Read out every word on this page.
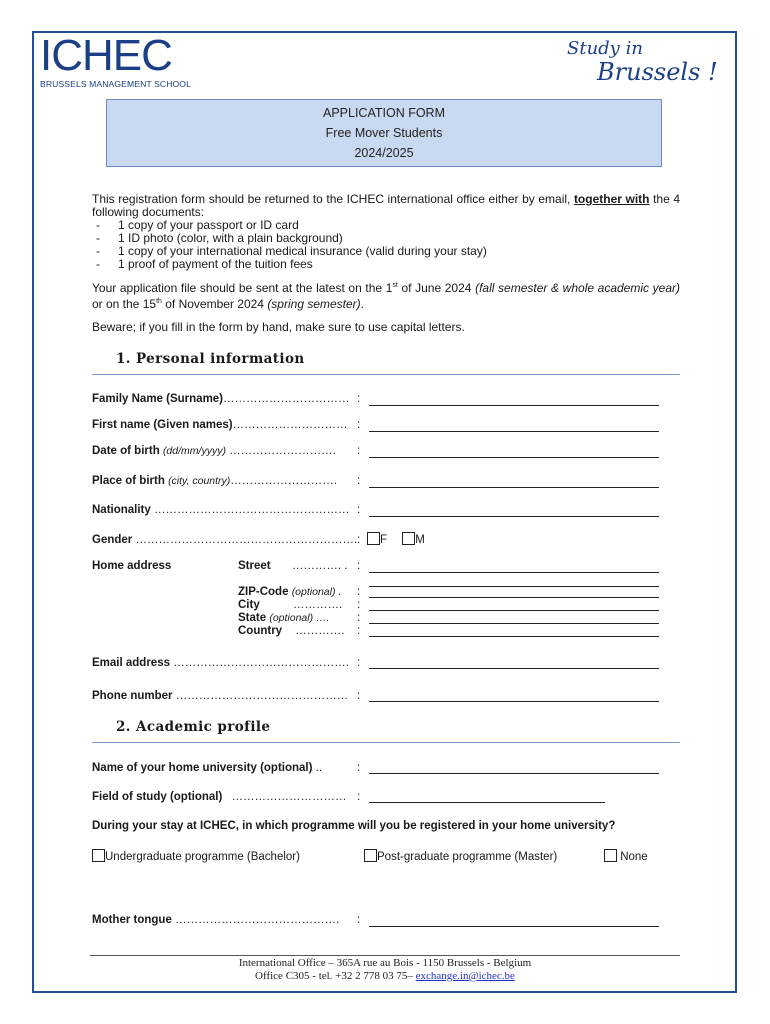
ICHEC
BRUSSELS MANAGEMENT SCHOOL
Study in
Brussels !
APPLICATION FORM
Free Mover Students
2024/2025
This registration form should be returned to the ICHEC international office either by email, together with the 4 following documents:
- 1 copy of your passport or ID card
- 1 ID photo (color, with a plain background)
- 1 copy of your international medical insurance (valid during your stay)
- 1 proof of payment of the tuition fees
Your application file should be sent at the latest on the 1st of June 2024 (fall semester & whole academic year) or on the 15th of November 2024 (spring semester).
Beware; if you fill in the form by hand, make sure to use capital letters.
1. Personal information
Family Name (Surname)…………………………… :
First name (Given names)………………………… :
Date of birth (dd/mm/yyyy) ………………………. :
Place of birth (city, country)………………………. :
Nationality …………………………………………… :
Gender …………………………………………………. :	F M
Home address	Street …………. . :
ZIP-Code (optional) . :
City	…………. :
State (optional) …. :
Country …………. :
Email address ………………………………………. :
Phone number ……………………………………… :
2. Academic profile
Name of your home university (optional) ..	:
Field of study (optional) ………………………… :
During your stay at ICHEC, in which programme will you be registered in your home university?
Undergraduate programme (Bachelor)	Post-graduate programme (Master)	None
Mother tongue ……………………………………. :
International Office – 365A rue au Bois - 1150 Brussels - Belgium
Office C305 - tel. +32 2 778 03 75– exchange.in@ichec.be
